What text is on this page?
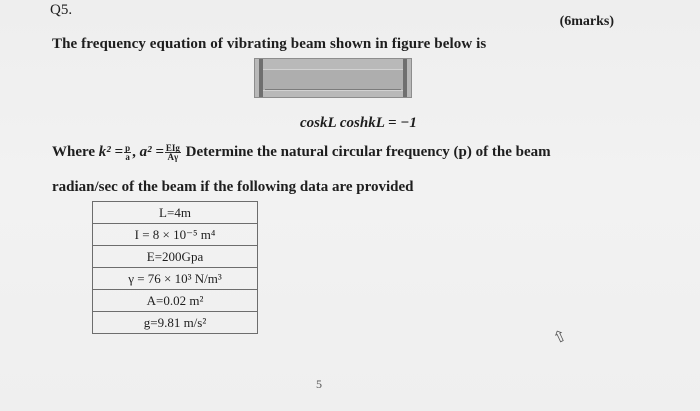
Q5.
(6marks)
The frequency equation of vibrating beam shown in figure below is
coskL coshkL = −1
Where $k^2 = \frac{p}{a}$ , $a^2 = \frac{\text{EIg}}{A\gamma}$ Determine the natural circular frequency (p) of the beam
radian/sec of the beam if the following data are provided
L=4m
I = 8 × 10⁻⁵ m⁴
E=200Gpa
γ = 76 × 10³ N/m³
A=0.02 m²
g=9.81 m/s²
⇧
5
